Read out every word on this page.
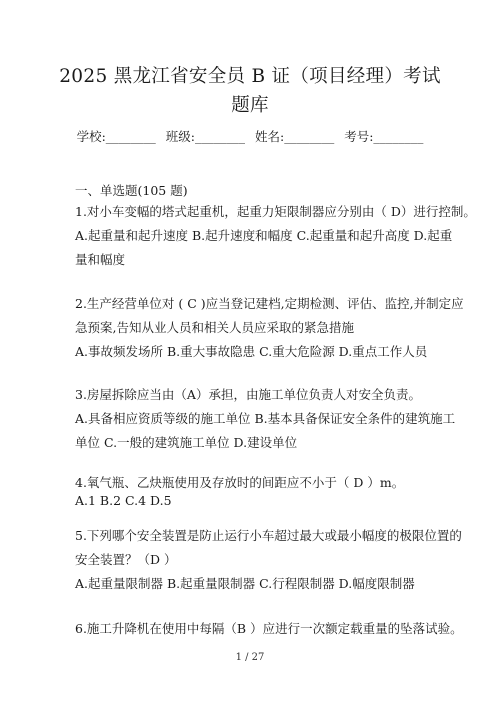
2025 黑龙江省安全员 B 证（项目经理）考试
题库
学校:________ 班级:________ 姓名:________ 考号:________
一、单选题(105 题)
1.对小车变幅的塔式起重机，起重力矩限制器应分别由（ D）进行控制。
A.起重量和起升速度 B.起升速度和幅度 C.起重量和起升高度 D.起重
量和幅度
2.生产经营单位对 ( C )应当登记建档,定期检测、评估、监控,并制定应
急预案,告知从业人员和相关人员应采取的紧急措施
A.事故频发场所 B.重大事故隐患 C.重大危险源 D.重点工作人员
3.房屋拆除应当由（A）承担，由施工单位负责人对安全负责。
A.具备相应资质等级的施工单位 B.基本具备保证安全条件的建筑施工
单位 C.一般的建筑施工单位 D.建设单位
4.氧气瓶、乙炔瓶使用及存放时的间距应不小于（ D ）m。
A.1 B.2 C.4 D.5
5.下列哪个安全装置是防止运行小车超过最大或最小幅度的极限位置的
安全装置？（D ）
A.起重量限制器 B.起重量限制器 C.行程限制器 D.幅度限制器
6.施工升降机在使用中每隔（B ）应进行一次额定载重量的坠落试验。
1 / 27
